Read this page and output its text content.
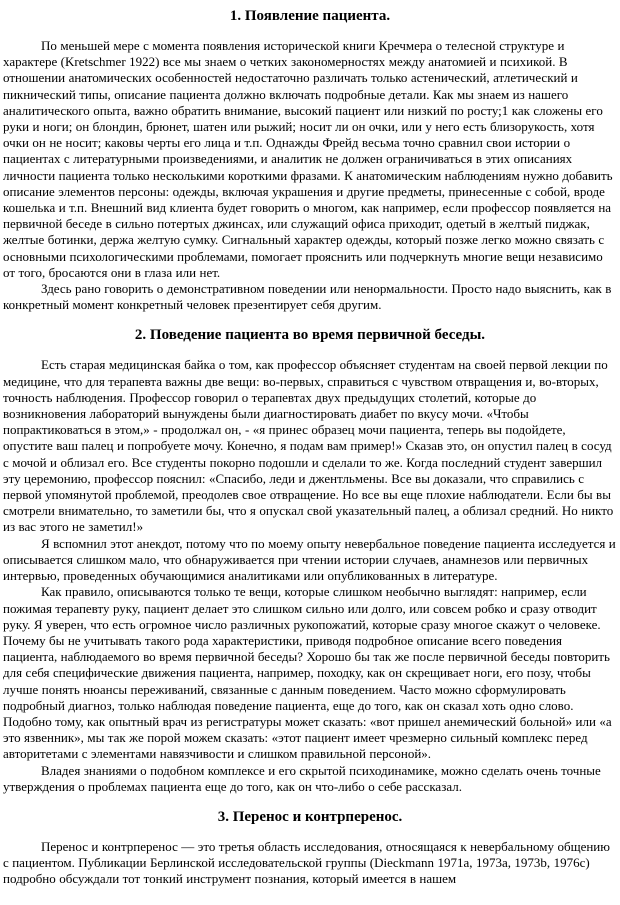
1. Появление пациента.

По меньшей мере с момента появления исторической книги Кречмера о телесной структуре и характере (Kretschmer 1922) все мы знаем о четких закономерностях между анатомией и психикой. В отношении анатомических особенностей недостаточно различать только астенический, атлетический и пикнический типы, описание пациента должно включать подробные детали. Как мы знаем из нашего аналитического опыта, важно обратить внимание, высокий пациент или низкий по росту;1 как сложены его руки и ноги; он блондин, брюнет, шатен или рыжий; носит ли он очки, или у него есть близорукость, хотя очки он не носит; каковы черты его лица и т.п. Однажды Фрейд весьма точно сравнил свои истории о пациентах с литературными произведениями, и аналитик не должен ограничиваться в этих описаниях личности пациента только несколькими короткими фразами. К анатомическим наблюдениям нужно добавить описание элементов персоны: одежды, включая украшения и другие предметы, принесенные с собой, вроде кошелька и т.п. Внешний вид клиента будет говорить о многом, как например, если профессор появляется на первичной беседе в сильно потертых джинсах, или служащий офиса приходит, одетый в желтый пиджак, желтые ботинки, держа желтую сумку. Сигнальный характер одежды, который позже легко можно связать с основными психологическими проблемами, помогает прояснить или подчеркнуть многие вещи независимо от того, бросаются они в глаза или нет.

Здесь рано говорить о демонстративном поведении или ненормальности. Просто надо выяснить, как в конкретный момент конкретный человек презентирует себя другим.

2. Поведение пациента во время первичной беседы.

Есть старая медицинская байка о том, как профессор объясняет студентам на своей первой лекции по медицине, что для терапевта важны две вещи: во-первых, справиться с чувством отвращения и, во-вторых, точность наблюдения. Профессор говорил о терапевтах двух предыдущих столетий, которые до возникновения лабораторий вынуждены были диагностировать диабет по вкусу мочи. «Чтобы попрактиковаться в этом,» - продолжал он, - «я принес образец мочи пациента, теперь вы подойдете, опустите ваш палец и попробуете мочу. Конечно, я подам вам пример!» Сказав это, он опустил палец в сосуд с мочой и облизал его. Все студенты покорно подошли и сделали то же. Когда последний студент завершил эту церемонию, профессор пояснил: «Спасибо, леди и джентльмены. Все вы доказали, что справились с первой упомянутой проблемой, преодолев свое отвращение. Но все вы еще плохие наблюдатели. Если бы вы смотрели внимательно, то заметили бы, что я опускал свой указательный палец, а облизал средний. Но никто из вас этого не заметил!»

Я вспомнил этот анекдот, потому что по моему опыту невербальное поведение пациента исследуется и описывается слишком мало, что обнаруживается при чтении истории случаев, анамнезов или первичных интервью, проведенных обучающимися аналитиками или опубликованных в литературе.

Как правило, описываются только те вещи, которые слишком необычно выглядят: например, если пожимая терапевту руку, пациент делает это слишком сильно или долго, или совсем робко и сразу отводит руку. Я уверен, что есть огромное число различных рукопожатий, которые сразу многое скажут о человеке. Почему бы не учитывать такого рода характеристики, приводя подробное описание всего поведения пациента, наблюдаемого во время первичной беседы? Хорошо бы так же после первичной беседы повторить для себя специфические движения пациента, например, походку, как он скрещивает ноги, его позу, чтобы лучше понять нюансы переживаний, связанные с данным поведением. Часто можно сформулировать подробный диагноз, только наблюдая поведение пациента, еще до того, как он сказал хоть одно слово. Подобно тому, как опытный врач из регистратуры может сказать: «вот пришел анемический больной» или «а это язвенник», мы так же порой можем сказать: «этот пациент имеет чрезмерно сильный комплекс перед авторитетами с элементами навязчивости и слишком правильной персоной».

Владея знаниями о подобном комплексе и его скрытой психодинамике, можно сделать очень точные утверждения о проблемах пациента еще до того, как он что-либо о себе рассказал.

3. Перенос и контрперенос.

Перенос и контрперенос — это третья область исследования, относящаяся к невербальному общению с пациентом. Публикации Берлинской исследовательской группы (Dieckmann 1971a, 1973a, 1973b, 1976c) подробно обсуждали тот тонкий инструмент познания, который имеется в нашем
